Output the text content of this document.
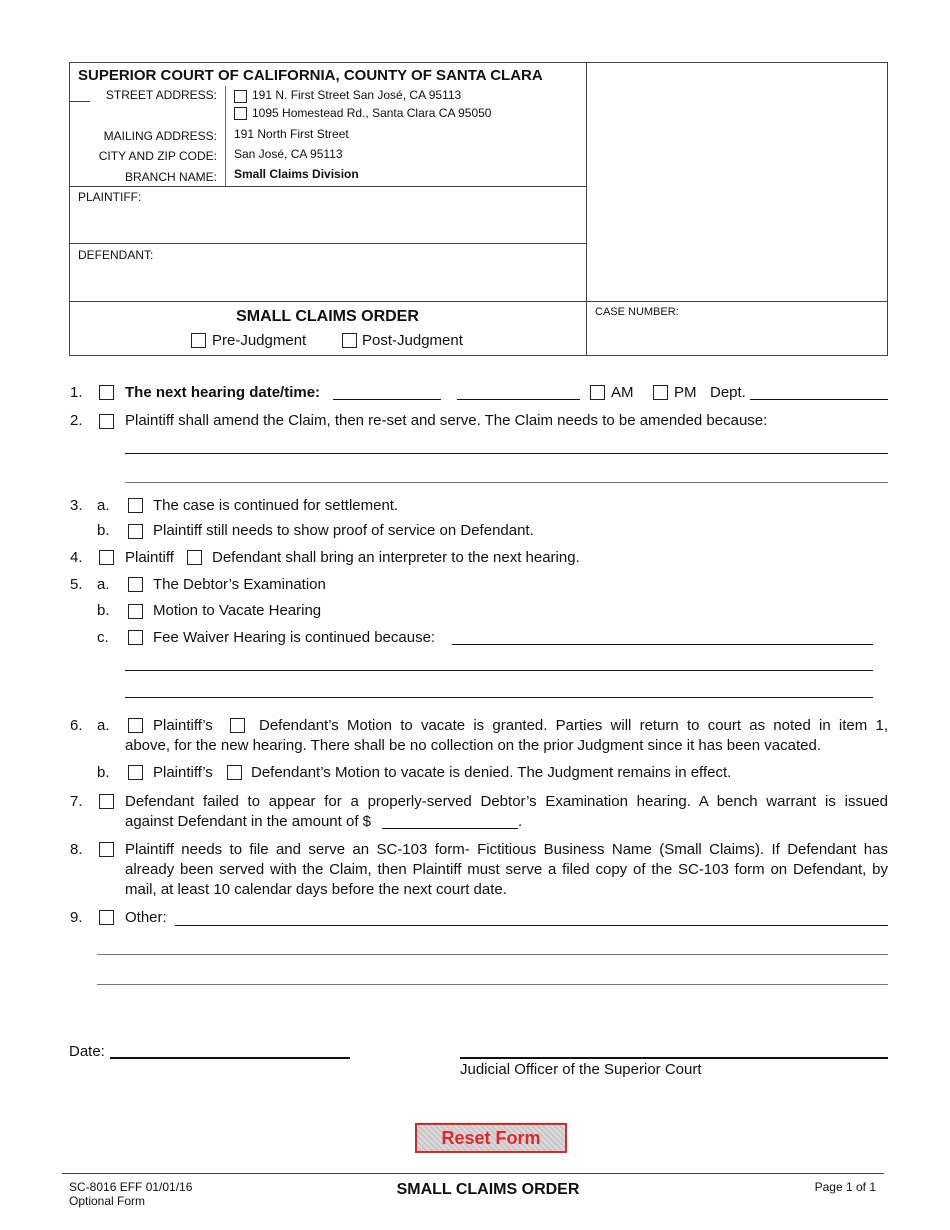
SUPERIOR COURT OF CALIFORNIA, COUNTY OF SANTA CLARA
STREET ADDRESS:	191 N. First Street San José, CA 95113
1095 Homestead Rd., Santa Clara CA 95050
MAILING ADDRESS: 191 North First Street
CITY AND ZIP CODE: San José, CA 95113
BRANCH NAME: Small Claims Division
PLAINTIFF:
DEFENDANT:
SMALL CLAIMS ORDER
Pre-Judgment	Post-Judgment
CASE NUMBER:
1.	The next hearing date/time:	AM	PM Dept.
2.	Plaintiff shall amend the Claim, then re-set and serve. The Claim needs to be amended because:
3. a.	The case is continued for settlement.
b.	Plaintiff still needs to show proof of service on Defendant.
4.	Plaintiff	Defendant shall bring an interpreter to the next hearing.
5. a.	The Debtor’s Examination
b.	Motion to Vacate Hearing
c.	Fee Waiver Hearing is continued because:
6. a.	Plaintiff’s	Defendant’s Motion to vacate is granted. Parties will return to court as noted in item 1,
above, for the new hearing. There shall be no collection on the prior Judgment since it has been vacated.
b.	Plaintiff’s	Defendant’s Motion to vacate is denied. The Judgment remains in effect.
7.	Defendant failed to appear for a properly-served Debtor’s Examination hearing. A bench warrant is issued
against Defendant in the amount of $	.
8.	Plaintiff needs to file and serve an SC-103 form- Fictitious Business Name (Small Claims). If Defendant has
already been served with the Claim, then Plaintiff must serve a filed copy of the SC-103 form on Defendant, by
mail, at least 10 calendar days before the next court date.
9.	Other:
Date:
Judicial Officer of the Superior Court
Reset Form
SC-8016 EFF 01/01/16
Optional Form
SMALL CLAIMS ORDER	Page 1 of 1
